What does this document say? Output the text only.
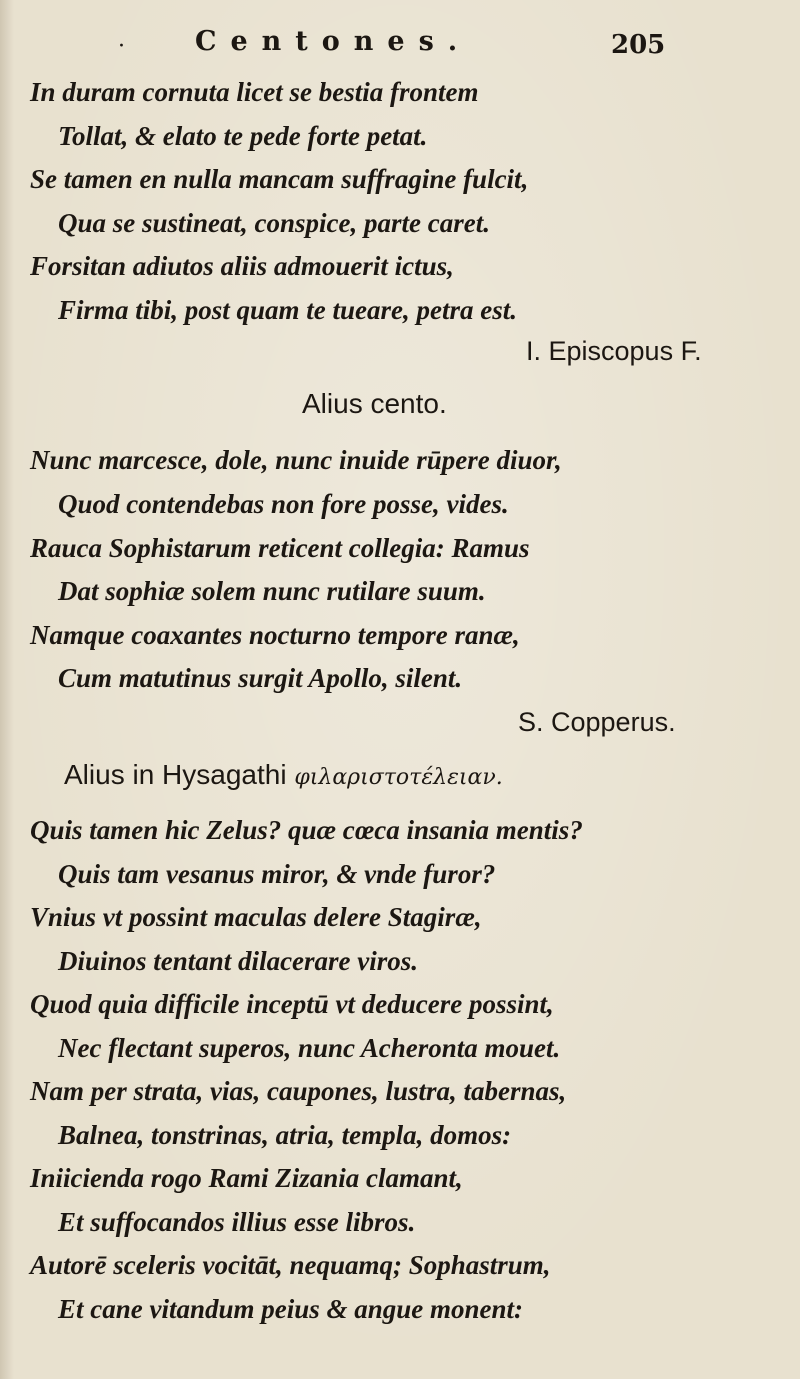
·	Centones.	205
In duram cornuta licet se bestia frontem
Tollat, & elato te pede forte petat.
Se tamen en nulla mancam suffragine fulcit,
Qua se sustineat, conspice, parte caret.
Forsitan adiutos aliis admouerit ictus,
Firma tibi, post quam te tueare, petra est.
I. Episcopus F.
Alius cento.
Nunc marcesce, dole, nunc inuide rūpere diuor,
Quod contendebas non fore posse, vides.
Rauca Sophistarum reticent collegia: Ramus
Dat sophiæ solem nunc rutilare suum.
Namque coaxantes nocturno tempore ranæ,
Cum matutinus surgit Apollo, silent.
S. Copperus.
Alius in Hysagathi φιλαριστοτέλειαν.
Quis tamen hic Zelus? quæ cœca insania mentis?
Quis tam vesanus miror, & vnde furor?
Vnius vt possint maculas delere Stagiræ,
Diuinos tentant dilacerare viros.
Quod quia difficile inceptū vt deducere possint,
Nec flectant superos, nunc Acheronta mouet.
Nam per strata, vias, caupones, lustra, tabernas,
Balnea, tonstrinas, atria, templa, domos:
Iniicienda rogo Rami Zizania clamant,
Et suffocandos illius esse libros.
Autorē sceleris vocitāt, nequamq; Sophastrum,
Et cane vitandum peius & angue monent:
